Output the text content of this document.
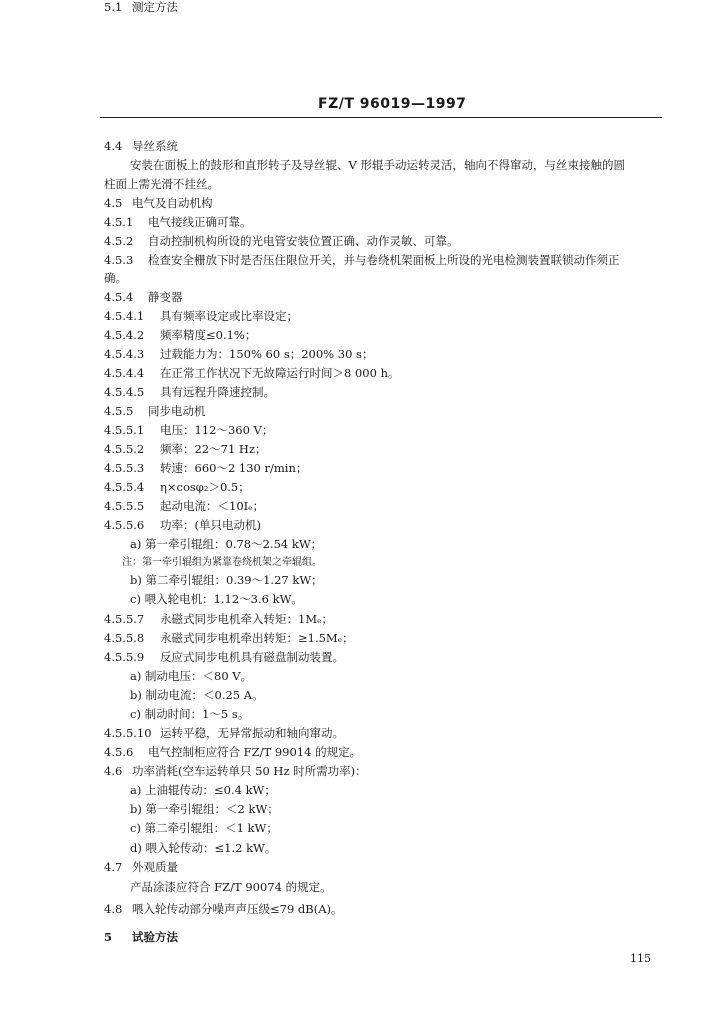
FZ/T 96019—1997
4.4 导丝系统
安装在面板上的鼓形和直形转子及导丝辊、V 形辊手动运转灵活，轴向不得窜动，与丝束接触的圆
柱面上需光滑不挂丝。
4.5 电气及自动机构
4.5.1 电气接线正确可靠。
4.5.2 自动控制机构所设的光电管安装位置正确、动作灵敏、可靠。
4.5.3 检查安全栅放下时是否压住限位开关，并与卷绕机架面板上所设的光电检测装置联锁动作须正
确。
4.5.4 静变器
4.5.4.1 具有频率设定或比率设定；
4.5.4.2 频率精度≤0.1%；
4.5.4.3 过载能力为：150% 60 s；200% 30 s；
4.5.4.4 在正常工作状况下无故障运行时间＞8 000 h。
4.5.4.5 具有远程升降速控制。
4.5.5 同步电动机
4.5.5.1 电压：112～360 V；
4.5.5.2 频率：22～71 Hz；
4.5.5.3 转速：660～2 130 r/min；
4.5.5.4 η×cosφ₂＞0.5；
4.5.5.5 起动电流：＜10Iₑ；
4.5.5.6 功率：(单只电动机)
a) 第一牵引辊组：0.78～2.54 kW；
注：第一牵引辊组为紧靠卷绕机架之牵辊组。
b) 第二牵引辊组：0.39～1.27 kW；
c) 喂入轮电机：1.12～3.6 kW。
4.5.5.7 永磁式同步电机牵入转矩：1Mₑ；
4.5.5.8 永磁式同步电机牵出转矩：≥1.5Mₑ；
4.5.5.9 反应式同步电机具有磁盘制动装置。
a) 制动电压：＜80 V。
b) 制动电流：＜0.25 A。
c) 制动时间：1～5 s。
4.5.5.10 运转平稳，无异常振动和轴向窜动。
4.5.6 电气控制柜应符合 FZ/T 99014 的规定。
4.6 功率消耗(空车运转单只 50 Hz 时所需功率)：
a) 上油辊传动：≤0.4 kW；
b) 第一牵引辊组：＜2 kW；
c) 第二牵引辊组：＜1 kW；
d) 喂入轮传动：≤1.2 kW。
4.7 外观质量
产品涂漆应符合 FZ/T 90074 的规定。
4.8 喂入轮传动部分噪声声压级≤79 dB(A)。
5 试验方法
5.1 测定方法
115
